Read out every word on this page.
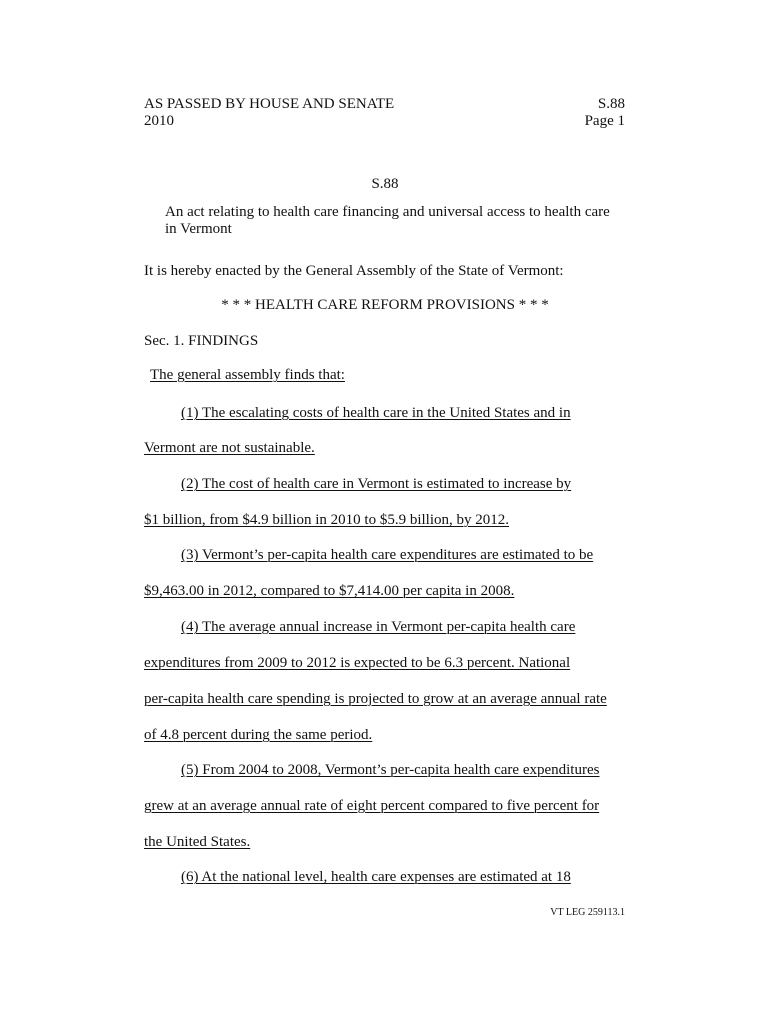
AS PASSED BY HOUSE AND SENATE
2010
S.88
Page 1
S.88
An act relating to health care financing and universal access to health care
in Vermont
It is hereby enacted by the General Assembly of the State of Vermont:
* * * HEALTH CARE REFORM PROVISIONS * * *
Sec. 1. FINDINGS
The general assembly finds that:
(1) The escalating costs of health care in the United States and in
Vermont are not sustainable.
(2) The cost of health care in Vermont is estimated to increase by
$1 billion, from $4.9 billion in 2010 to $5.9 billion, by 2012.
(3) Vermont’s per-capita health care expenditures are estimated to be
$9,463.00 in 2012, compared to $7,414.00 per capita in 2008.
(4) The average annual increase in Vermont per-capita health care
expenditures from 2009 to 2012 is expected to be 6.3 percent. National
per-capita health care spending is projected to grow at an average annual rate
of 4.8 percent during the same period.
(5) From 2004 to 2008, Vermont’s per-capita health care expenditures
grew at an average annual rate of eight percent compared to five percent for
the United States.
(6) At the national level, health care expenses are estimated at 18
VT LEG 259113.1
